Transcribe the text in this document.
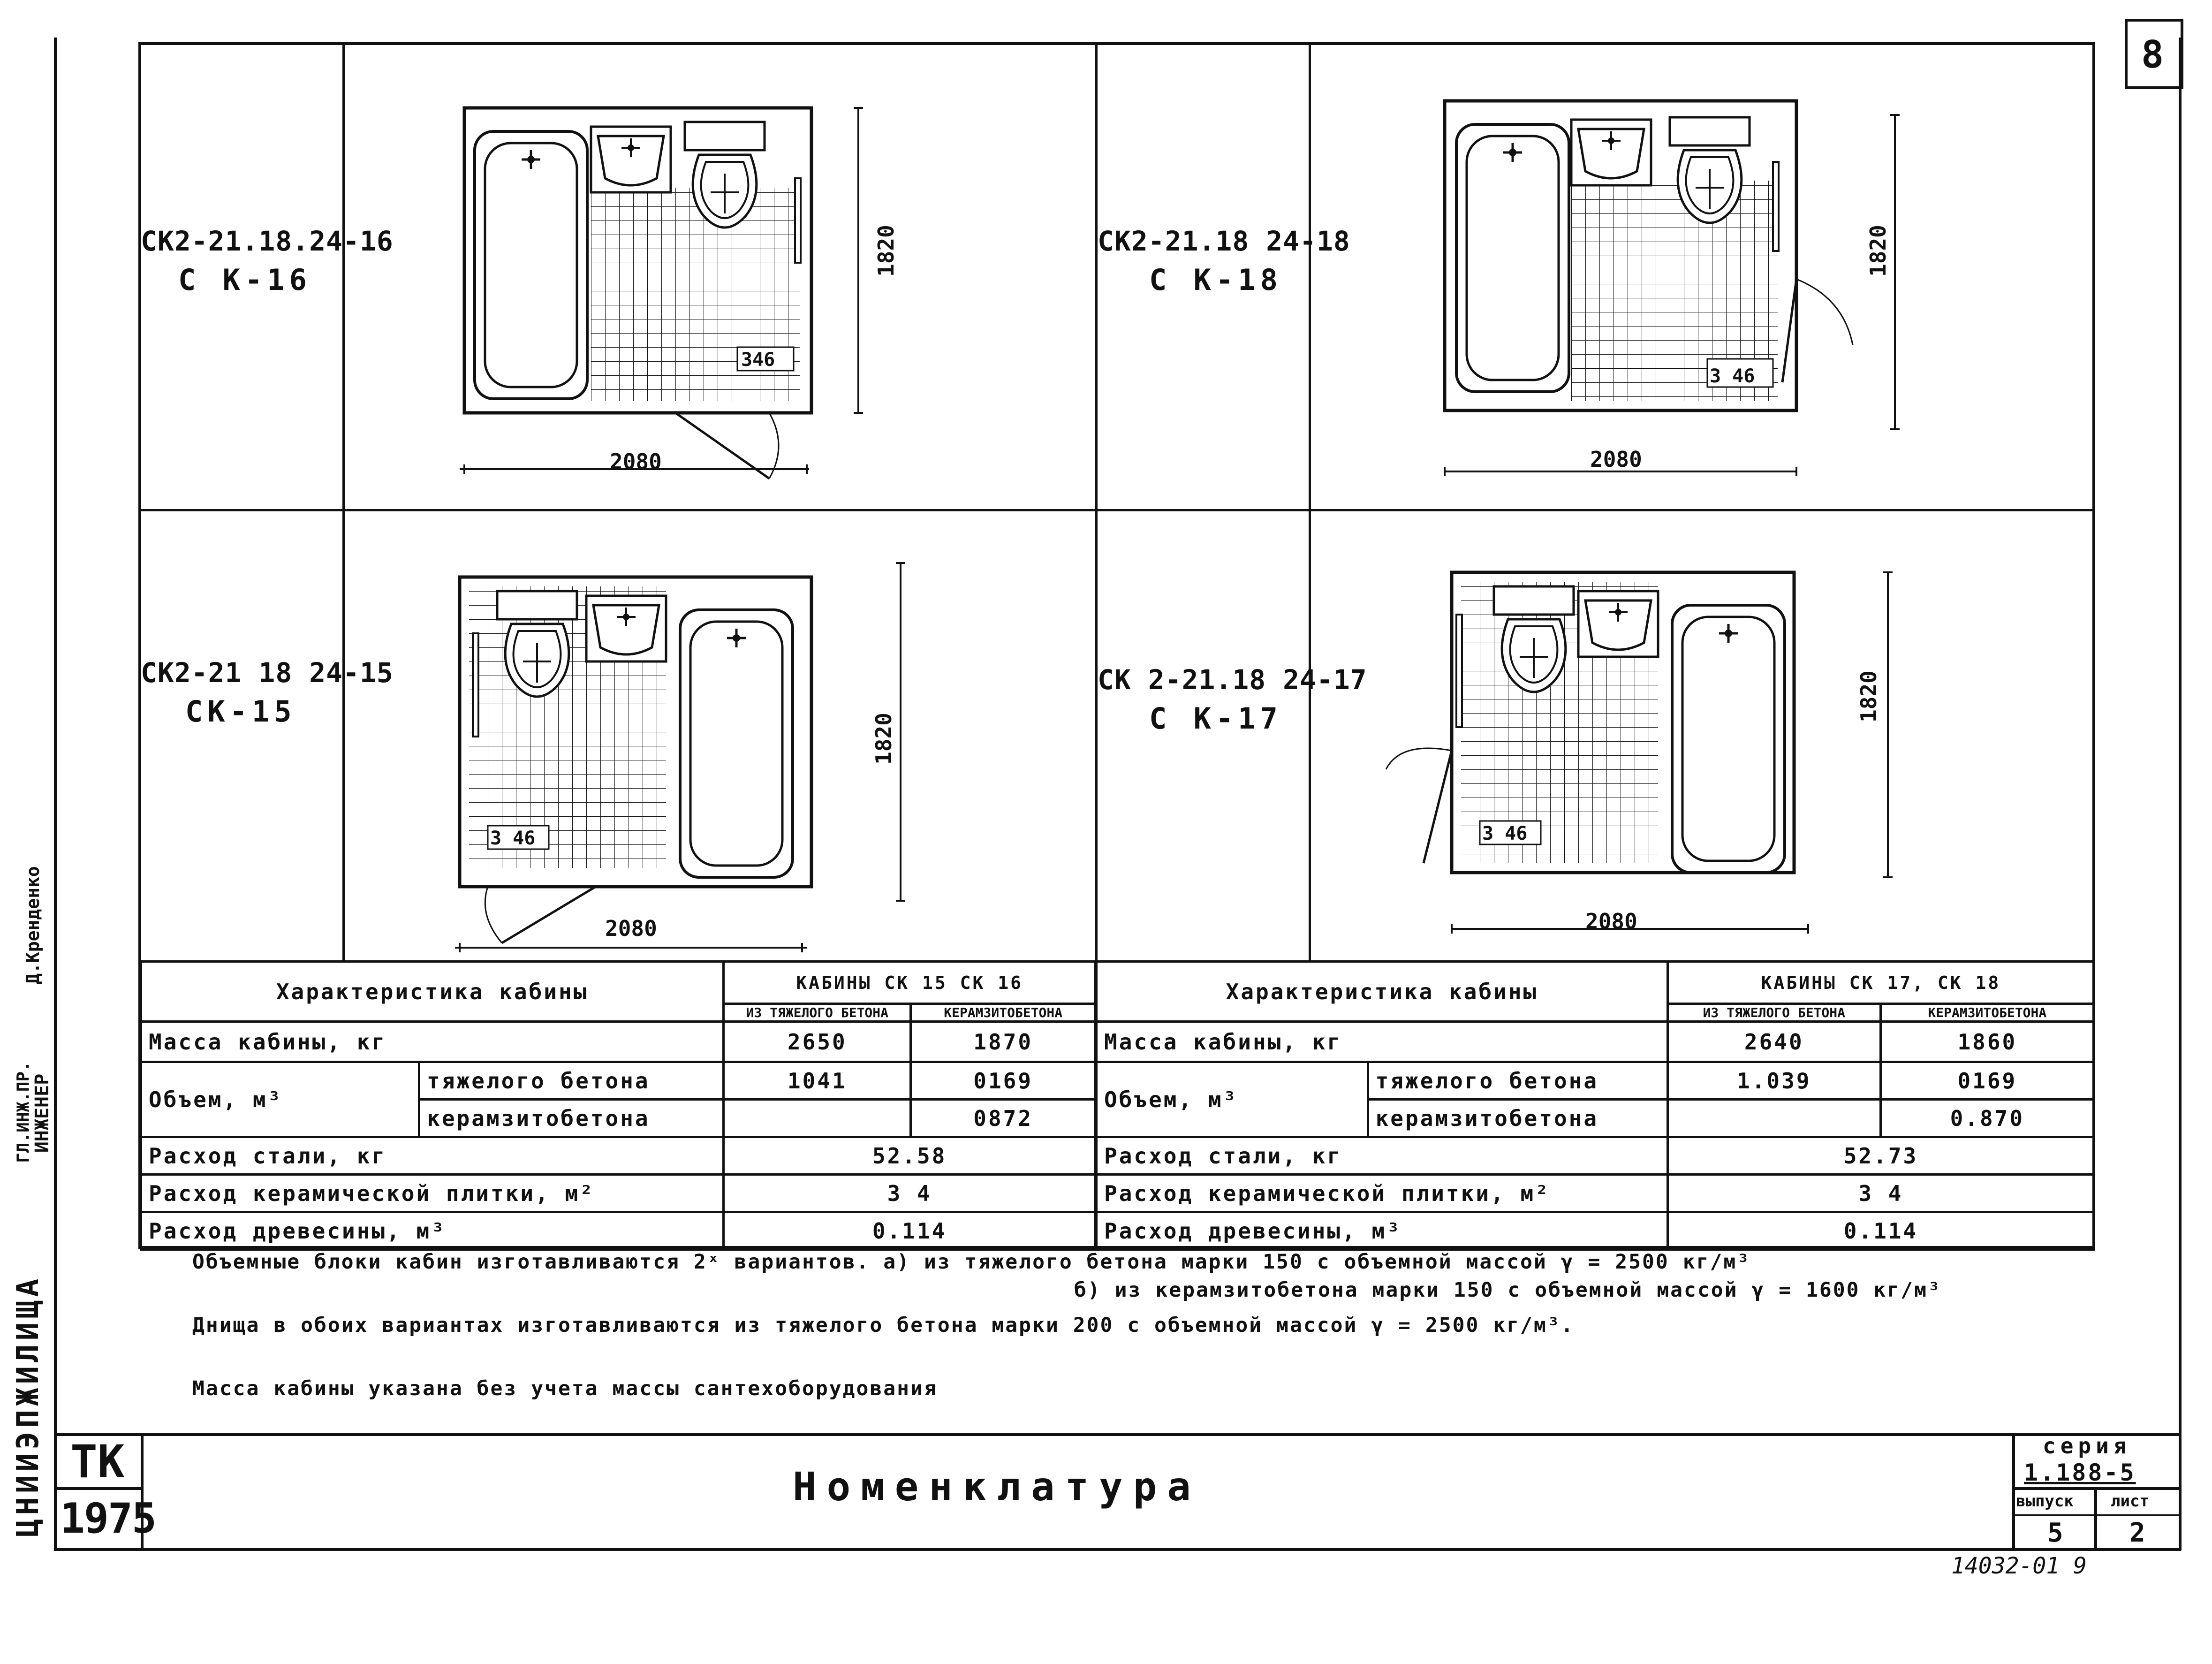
8
СК2-21.18.24-16
С К-16
СК2-21.18 24-18
С К-18
СК2-21 18 24-15
СК-15
СК 2-21.18 24-17
С К-17
2080
1820
346
2080
1820
3 46
2080
1820
3 46
2080
1820
3 46
Характеристика кабины		КАБИНЫ СК 15 СК 16	
		ИЗ ТЯЖЕЛОГО БЕТОНА	КЕРАМЗИТОБЕТОНА
Масса кабины, кг		2650	1870
Объем, м³	тяжелого бетона	1041	0169
	керамзитобетона		0872
Расход стали, кг		52.58	
Расход керамической плитки, м²		3 4	
Расход древесины, м³		0.114	
Характеристика кабины		КАБИНЫ СК 17, СК 18	
		ИЗ ТЯЖЕЛОГО БЕТОНА	КЕРАМЗИТОБЕТОНА
Масса кабины, кг		2640	1860
Объем, м³	тяжелого бетона	1.039	0169
	керамзитобетона		0.870
Расход стали, кг		52.73	
Расход керамической плитки, м²		3 4	
Расход древесины, м³		0.114	
Объемные блоки кабин изготавливаются 2ˣ вариантов. а) из тяжелого бетона марки 150 с объемной массой γ = 2500 кг/м³
б) из керамзитобетона марки 150 с объемной массой γ = 1600 кг/м³
Днища в обоих вариантах изготавливаются из тяжелого бетона марки 200 с объемной массой γ = 2500 кг/м³.
Масса кабины указана без учета массы сантехоборудования
ТК
1975
Номенклатура
серия
1.188-5
выпуск лист
5	2
ЦНИИЭПЖИЛИЩА
ИНЖЕНЕР
ГЛ.ИНЖ.ПР.
Д.Кренденко
14032-01 9
